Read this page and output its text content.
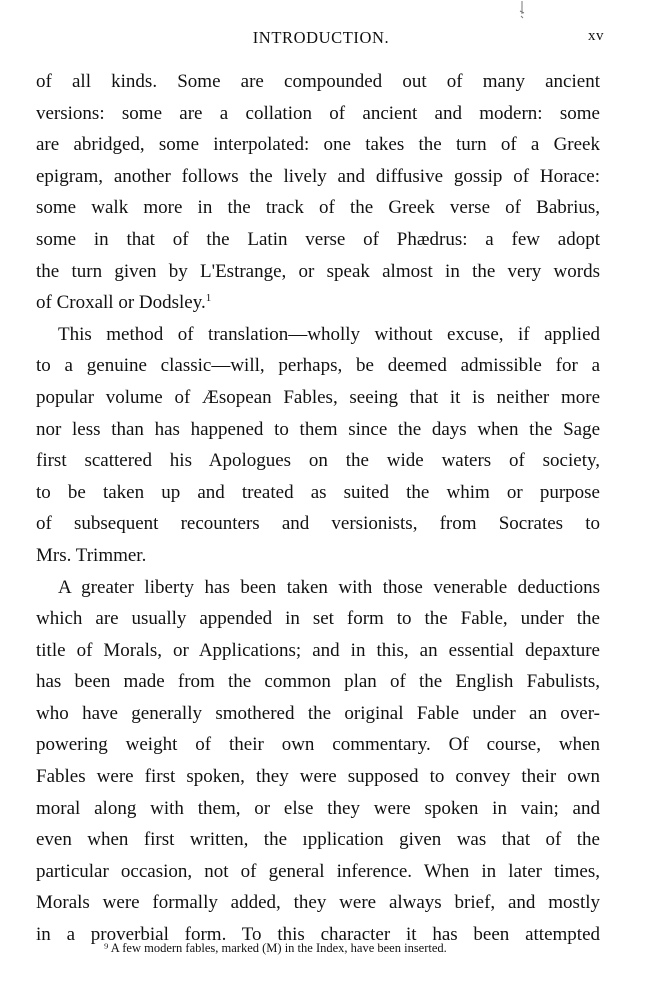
INTRODUCTION.	xv
of all kinds. Some are compounded out of many ancient
versions: some are a collation of ancient and modern: some
are abridged, some interpolated: one takes the turn of a Greek
epigram, another follows the lively and diffusive gossip of Horace:
some walk more in the track of the Greek verse of Babrius,
some in that of the Latin verse of Phædrus: a few adopt
the turn given by L'Estrange, or speak almost in the very words
of Croxall or Dodsley.$^1$
This method of translation—wholly without excuse, if applied
to a genuine classic—will, perhaps, be deemed admissible for a
popular volume of Æsopean Fables, seeing that it is neither more
nor less than has happened to them since the days when the Sage
first scattered his Apologues on the wide waters of society,
to be taken up and treated as suited the whim or purpose
of subsequent recounters and versionists, from Socrates to
Mrs. Trimmer.
A greater liberty has been taken with those venerable deductions
which are usually appended in set form to the Fable, under the
title of Morals, or Applications; and in this, an essential depaxture
has been made from the common plan of the English Fabulists,
who have generally smothered the original Fable under an over-
powering weight of their own commentary. Of course, when
Fables were first spoken, they were supposed to convey their own
moral along with them, or else they were spoken in vain; and
even when first written, the ıpplication given was that of the
particular occasion, not of general inference. When in later times,
Morals were formally added, they were always brief, and mostly
in a proverbial form. To this character it has been attempted
⁹ A few modern fables, marked (M) in the Index, have been inserted.
